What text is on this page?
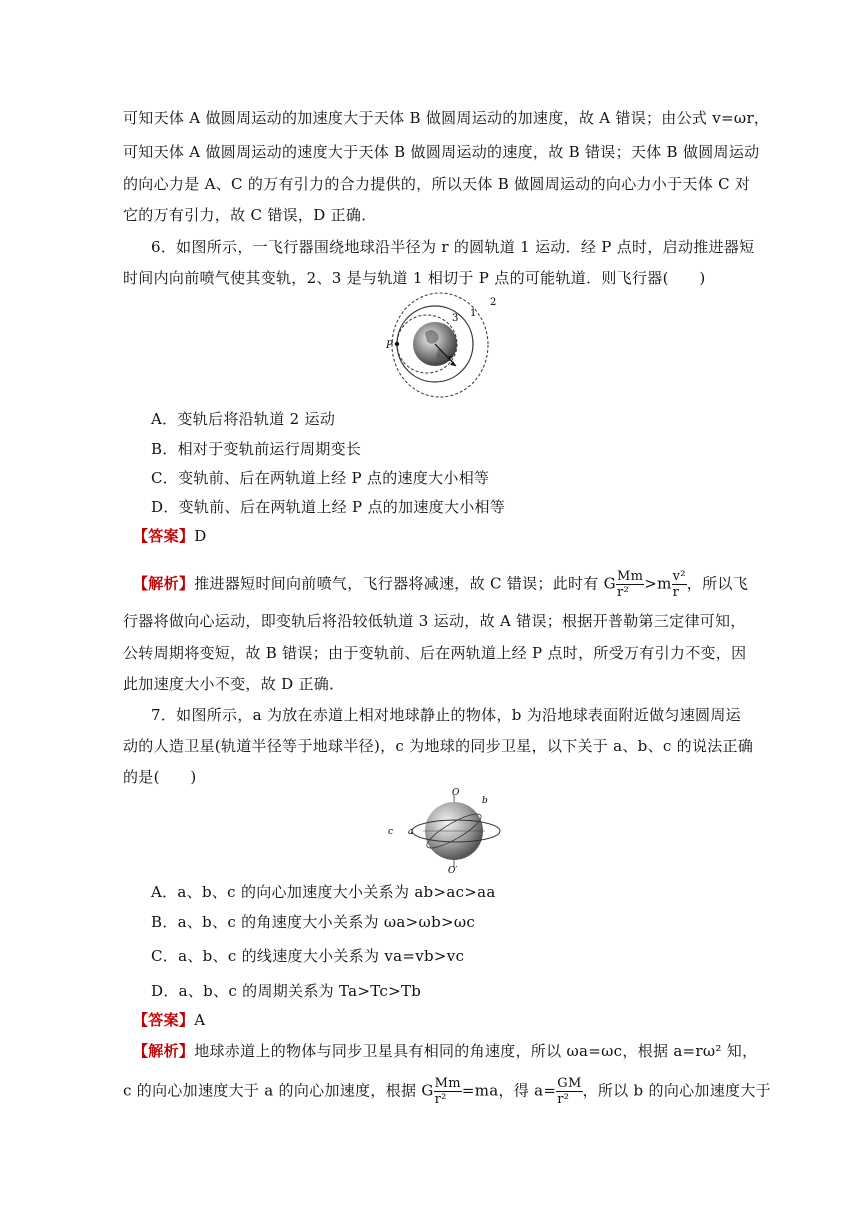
可知天体 A 做圆周运动的加速度大于天体 B 做圆周运动的加速度，故 A 错误；由公式 v=ωr，
可知天体 A 做圆周运动的速度大于天体 B 做圆周运动的速度，故 B 错误；天体 B 做圆周运动
的向心力是 A、C 的万有引力的合力提供的，所以天体 B 做圆周运动的向心力小于天体 C 对
它的万有引力，故 C 错误，D 正确．
6．如图所示，一飞行器围绕地球沿半径为 r 的圆轨道 1 运动．经 P 点时，启动推进器短
时间内向前喷气使其变轨，2、3 是与轨道 1 相切于 P 点的可能轨道．则飞行器(　　)
P
1
2
3
r
A．变轨后将沿轨道 2 运动
B．相对于变轨前运行周期变长
C．变轨前、后在两轨道上经 P 点的速度大小相等
D．变轨前、后在两轨道上经 P 点的加速度大小相等
【答案】D
【解析】推进器短时间向前喷气，飞行器将减速，故 C 错误；此时有 G $\frac{Mm}{\text{r²}} >m \frac{\text{v²}}{r}$ ，所以飞
行器将做向心运动，即变轨后将沿较低轨道 3 运动，故 A 错误；根据开普勒第三定律可知，
公转周期将变短，故 B 错误；由于变轨前、后在两轨道上经 P 点时，所受万有引力不变，因
此加速度大小不变，故 D 正确．
7．如图所示，a 为放在赤道上相对地球静止的物体，b 为沿地球表面附近做匀速圆周运
动的人造卫星(轨道半径等于地球半径)，c 为地球的同步卫星，以下关于 a、b、c 的说法正确
的是(　　)
O
O′
a
b
c
A．a、b、c 的向心加速度大小关系为 ab>ac>aa
B．a、b、c 的角速度大小关系为 ωa>ωb>ωc
C．a、b、c 的线速度大小关系为 va=vb>vc
D．a、b、c 的周期关系为 Ta>Tc>Tb
【答案】A
【解析】地球赤道上的物体与同步卫星具有相同的角速度，所以 ωa=ωc，根据 a=rω² 知，
c 的向心加速度大于 a 的向心加速度，根据 G $\frac{Mm}{\text{r²}} =ma$，得 $a= \frac{GM}{\text{r²}}$ ，所以 b 的向心加速度大于
